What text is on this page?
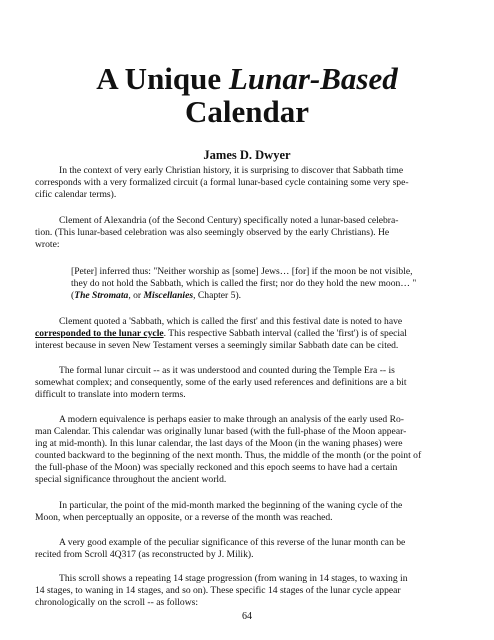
A Unique Lunar-Based
Calendar

James D. Dwyer

In the context of very early Christian history, it is surprising to discover that Sabbath time
corresponds with a very formalized circuit (a formal lunar-based cycle containing some very spe-
cific calendar terms).

Clement of Alexandria (of the Second Century) specifically noted a lunar-based celebra-
tion. (This lunar-based celebration was also seemingly observed by the early Christians). He
wrote:

[Peter] inferred thus: "Neither worship as [some] Jews… [for] if the moon be not visible,
they do not hold the Sabbath, which is called the first; nor do they hold the new moon… "
(The Stromata, or Miscellanies, Chapter 5).

Clement quoted a 'Sabbath, which is called the first' and this festival date is noted to have
corresponded to the lunar cycle. This respective Sabbath interval (called the 'first') is of special
interest because in seven New Testament verses a seemingly similar Sabbath date can be cited.

The formal lunar circuit -- as it was understood and counted during the Temple Era -- is
somewhat complex; and consequently, some of the early used references and definitions are a bit
difficult to translate into modern terms.

A modern equivalence is perhaps easier to make through an analysis of the early used Ro-
man Calendar. This calendar was originally lunar based (with the full-phase of the Moon appear-
ing at mid-month). In this lunar calendar, the last days of the Moon (in the waning phases) were
counted backward to the beginning of the next month. Thus, the middle of the month (or the point of
the full-phase of the Moon) was specially reckoned and this epoch seems to have had a certain
special significance throughout the ancient world.

In particular, the point of the mid-month marked the beginning of the waning cycle of the
Moon, when perceptually an opposite, or a reverse of the month was reached.

A very good example of the peculiar significance of this reverse of the lunar month can be
recited from Scroll 4Q317 (as reconstructed by J. Milik).

This scroll shows a repeating 14 stage progression (from waning in 14 stages, to waxing in
14 stages, to waning in 14 stages, and so on). These specific 14 stages of the lunar cycle appear
chronologically on the scroll -- as follows:

64
